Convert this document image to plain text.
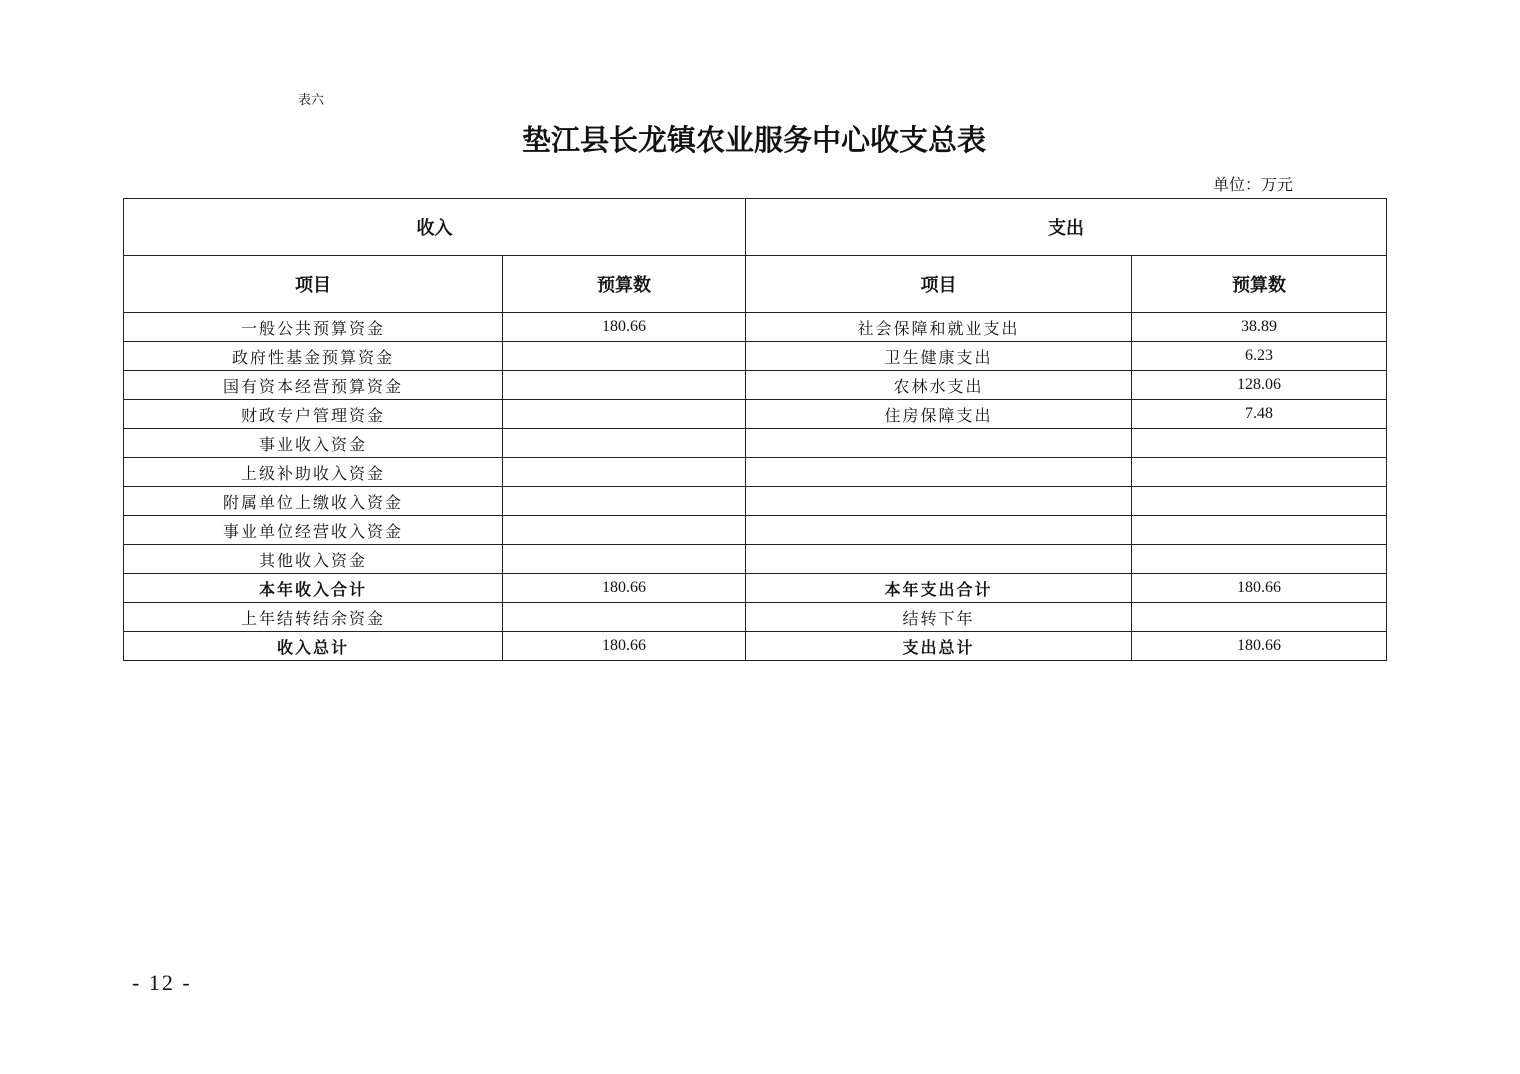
表六
垫江县长龙镇农业服务中心收支总表
单位：万元
收入		支出	
项目	预算数	项目	预算数
一般公共预算资金	180.66	社会保障和就业支出	38.89
政府性基金预算资金		卫生健康支出	6.23
国有资本经营预算资金		农林水支出	128.06
财政专户管理资金		住房保障支出	7.48
事业收入资金			
上级补助收入资金			
附属单位上缴收入资金			
事业单位经营收入资金			
其他收入资金			
本年收入合计	180.66	本年支出合计	180.66
上年结转结余资金		结转下年	
收入总计	180.66	支出总计	180.66
- 12 -
